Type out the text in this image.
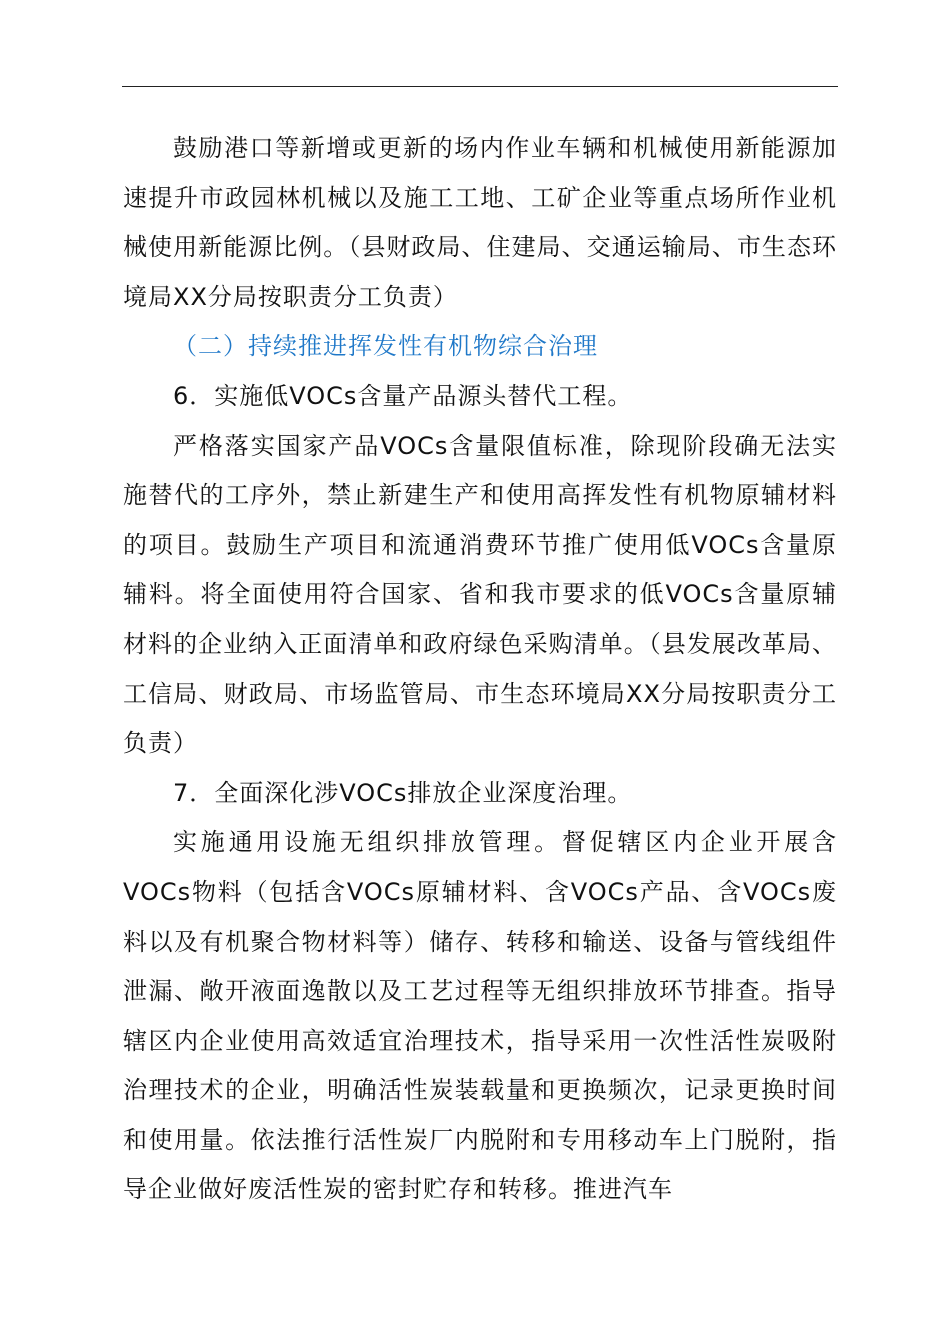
鼓励港口等新增或更新的场内作业车辆和机械使用新能源加速提升市政园林机械以及施工工地、工矿企业等重点场所作业机械使用新能源比例。（县财政局、住建局、交通运输局、市生态环境局XX分局按职责分工负责）

（二）持续推进挥发性有机物综合治理

6．实施低VOCs含量产品源头替代工程。

严格落实国家产品VOCs含量限值标准，除现阶段确无法实施替代的工序外，禁止新建生产和使用高挥发性有机物原辅材料的项目。鼓励生产项目和流通消费环节推广使用低VOCs含量原辅料。将全面使用符合国家、省和我市要求的低VOCs含量原辅材料的企业纳入正面清单和政府绿色采购清单。（县发展改革局、工信局、财政局、市场监管局、市生态环境局XX分局按职责分工负责）

7．全面深化涉VOCs排放企业深度治理。

实施通用设施无组织排放管理。督促辖区内企业开展含VOCs物料（包括含VOCs原辅材料、含VOCs产品、含VOCs废料以及有机聚合物材料等）储存、转移和输送、设备与管线组件泄漏、敞开液面逸散以及工艺过程等无组织排放环节排查。指导辖区内企业使用高效适宜治理技术，指导采用一次性活性炭吸附治理技术的企业，明确活性炭装载量和更换频次，记录更换时间和使用量。依法推行活性炭厂内脱附和专用移动车上门脱附，指导企业做好废活性炭的密封贮存和转移。推进汽车
